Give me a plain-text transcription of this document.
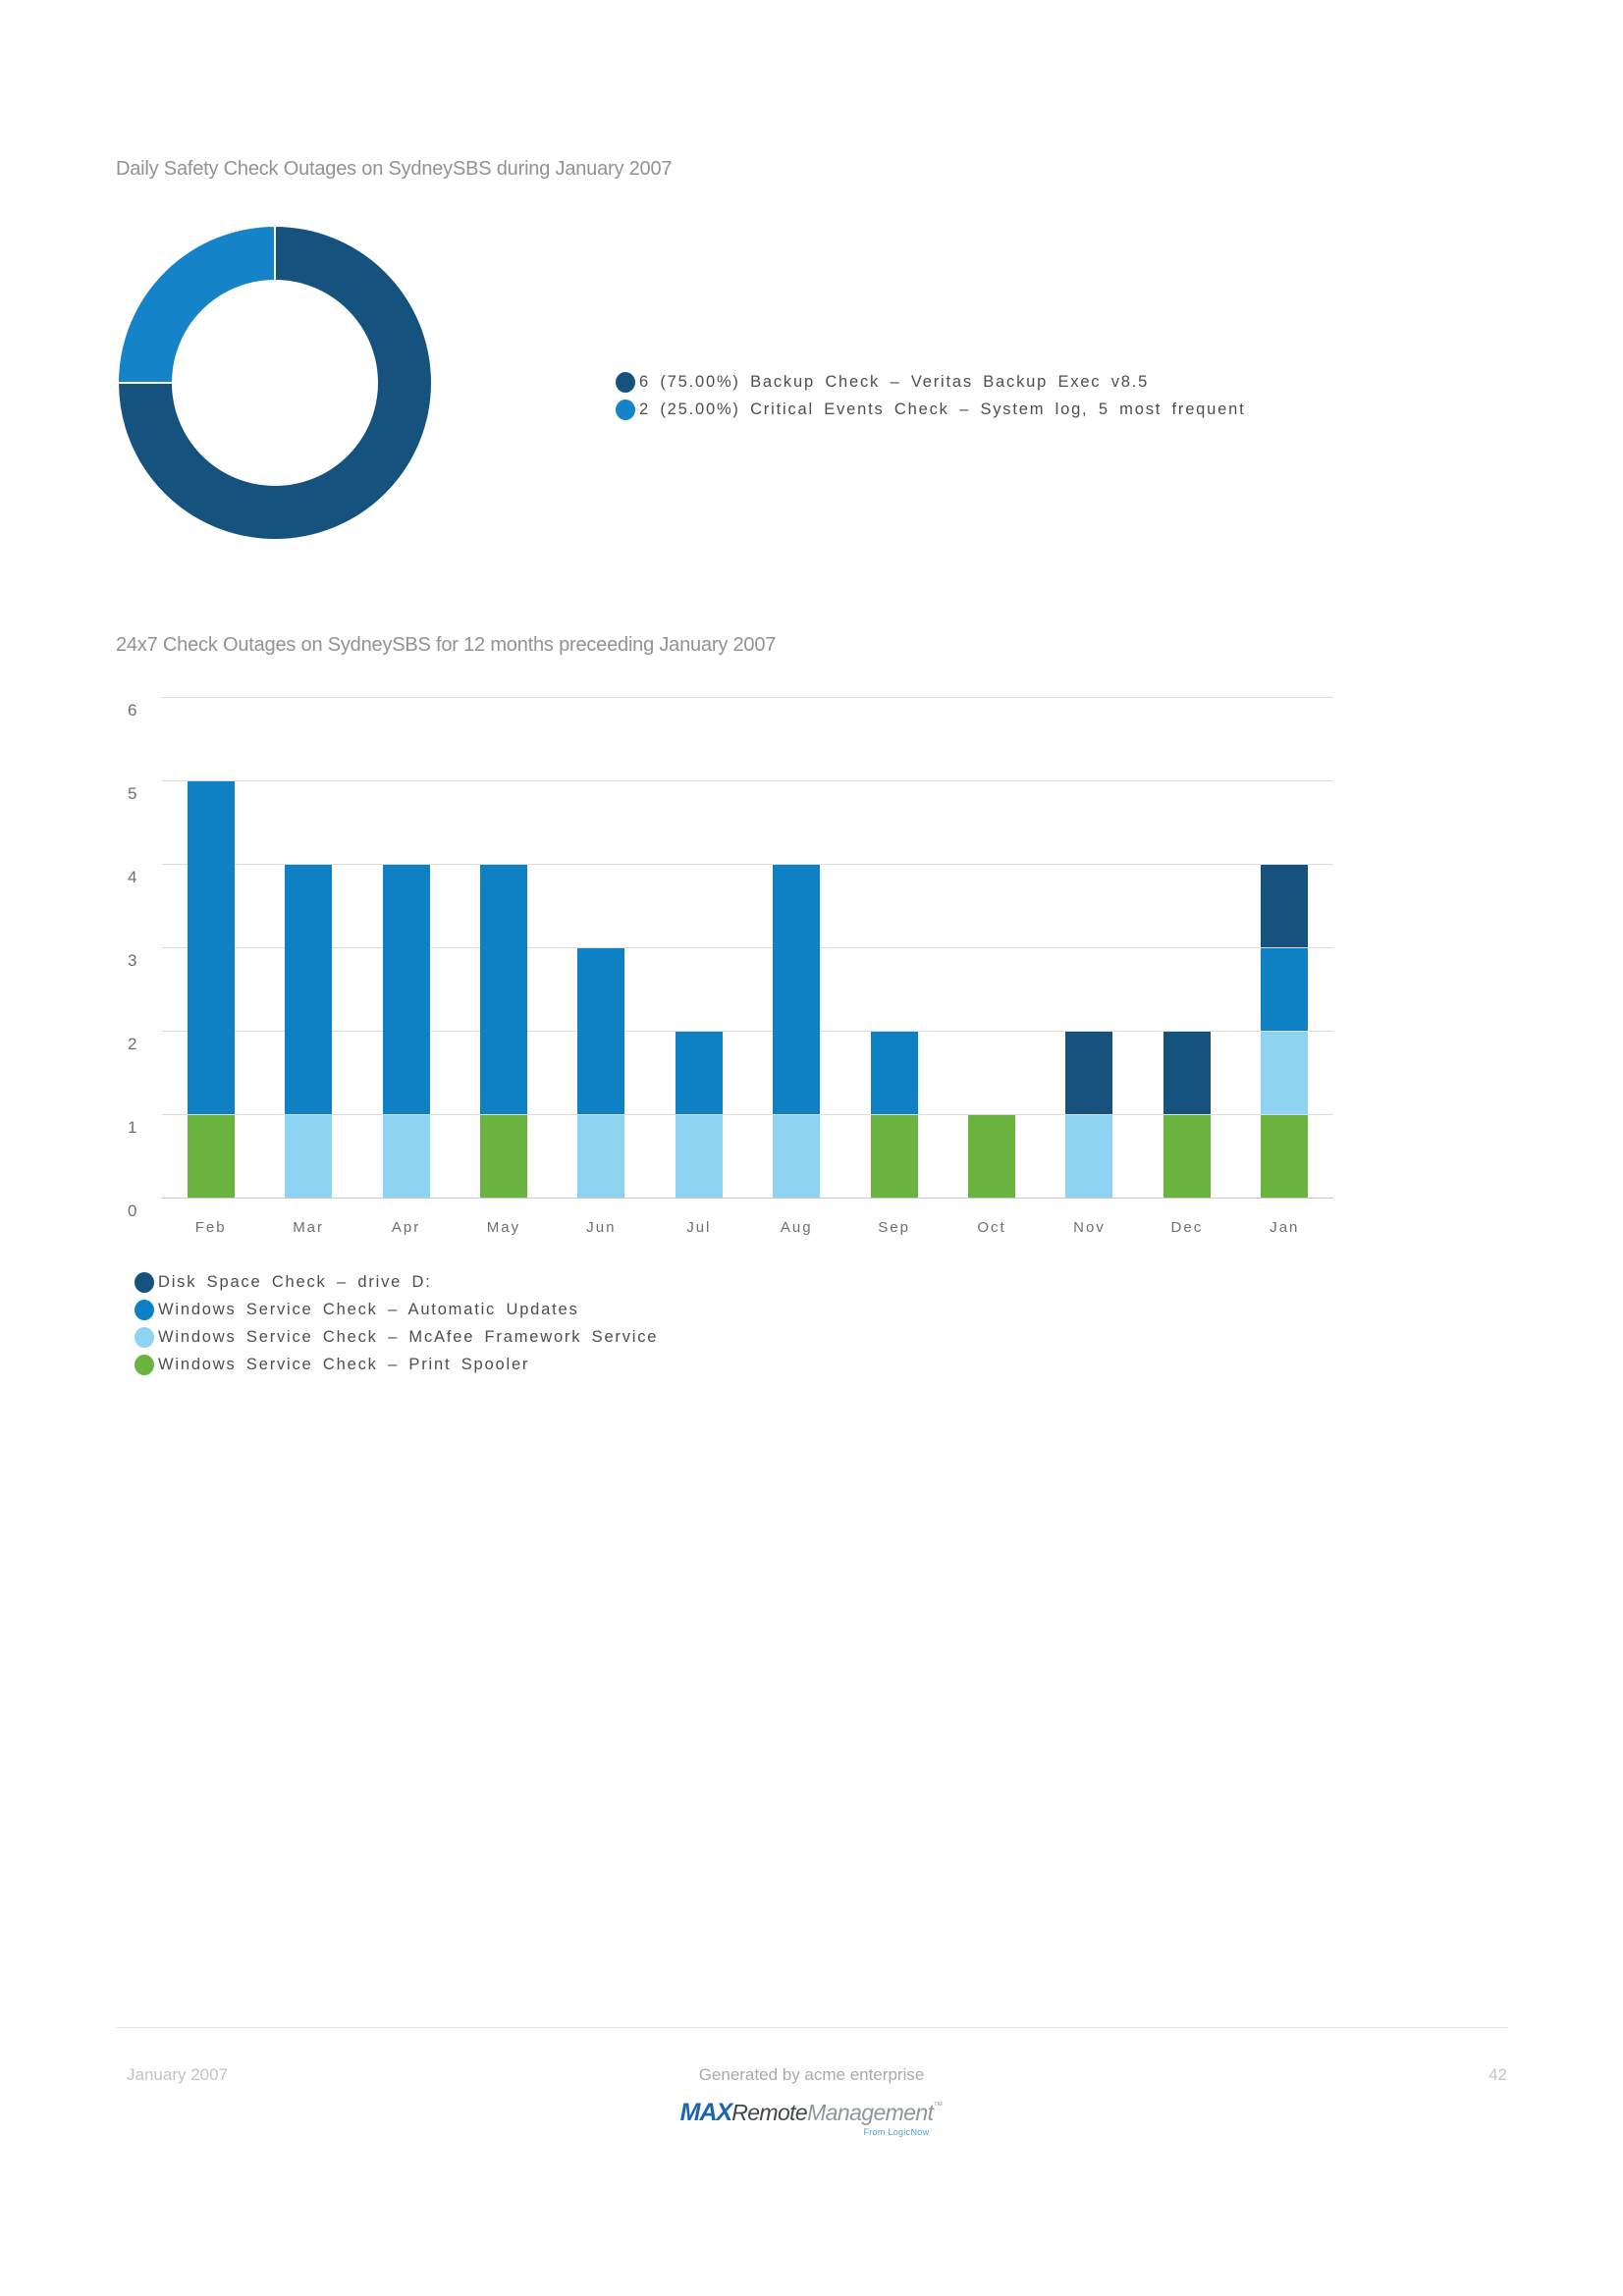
Daily Safety Check Outages on SydneySBS during January 2007
6 (75.00%) Backup Check – Veritas Backup Exec v8.5
2 (25.00%) Critical Events Check – System log, 5 most frequent
24x7 Check Outages on SydneySBS for 12 months preceeding January 2007
6
5
4
3
2
1
0
Feb	Mar	Apr	May	Jun	Jul	Aug	Sep	Oct	Nov	Dec	Jan
Disk Space Check – drive D:
Windows Service Check – Automatic Updates
Windows Service Check – McAfee Framework Service
Windows Service Check – Print Spooler
January 2007	Generated by acme enterprise	42
MAXRemoteManagement™
From LogicNow
